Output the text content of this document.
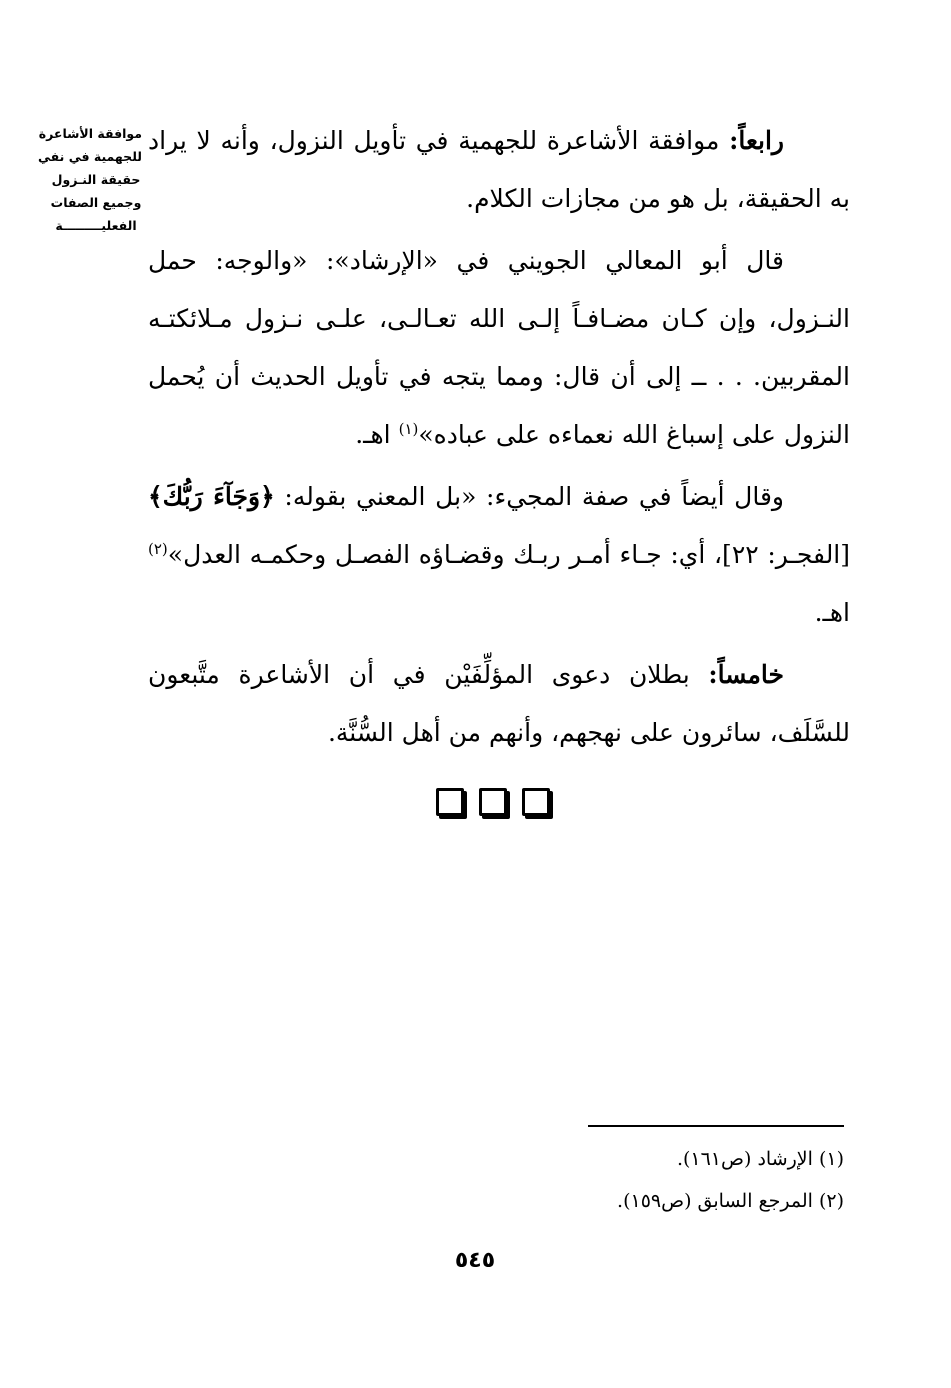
موافقة الأشاعرة
للجهمية في نفي
حقيقة النـزول
وجميع الصفات
الفعليـــــــــة

رابعاً: موافقة الأشاعرة للجهمية في تأويل النزول، وأنه لا يراد به الحقيقة، بل هو من مجازات الكلام.

قال أبو المعالي الجويني في «الإرشاد»: «والوجه: حمل النـزول، وإن كـان مضـافـاً إلـى الله تعـالـى، علـى نـزول مـلائكتـه المقربين. . . ــ إلى أن قال: ومما يتجه في تأويل الحديث أن يُحمل النزول على إسباغ الله نعماءه على عباده»$^{(١)}$ اهـ.

وقال أيضاً في صفة المجيء: «بل المعني بقوله: ﴿وَجَآءَ رَبُّكَ﴾ [الفجـر: ٢٢]، أي: جـاء أمـر ربـك وقضـاؤه الفصـل وحكمـه العدل»$^{(٢)}$ اهـ.

خامساً: بطلان دعوى المؤلِّفَيْن في أن الأشاعرة متَّبعون للسَّلَف، سائرون على نهجهم، وأنهم من أهل السُّنَّة.

(١) الإرشاد (ص١٦١).
(٢) المرجع السابق (ص١٥٩).
٥٤٥
